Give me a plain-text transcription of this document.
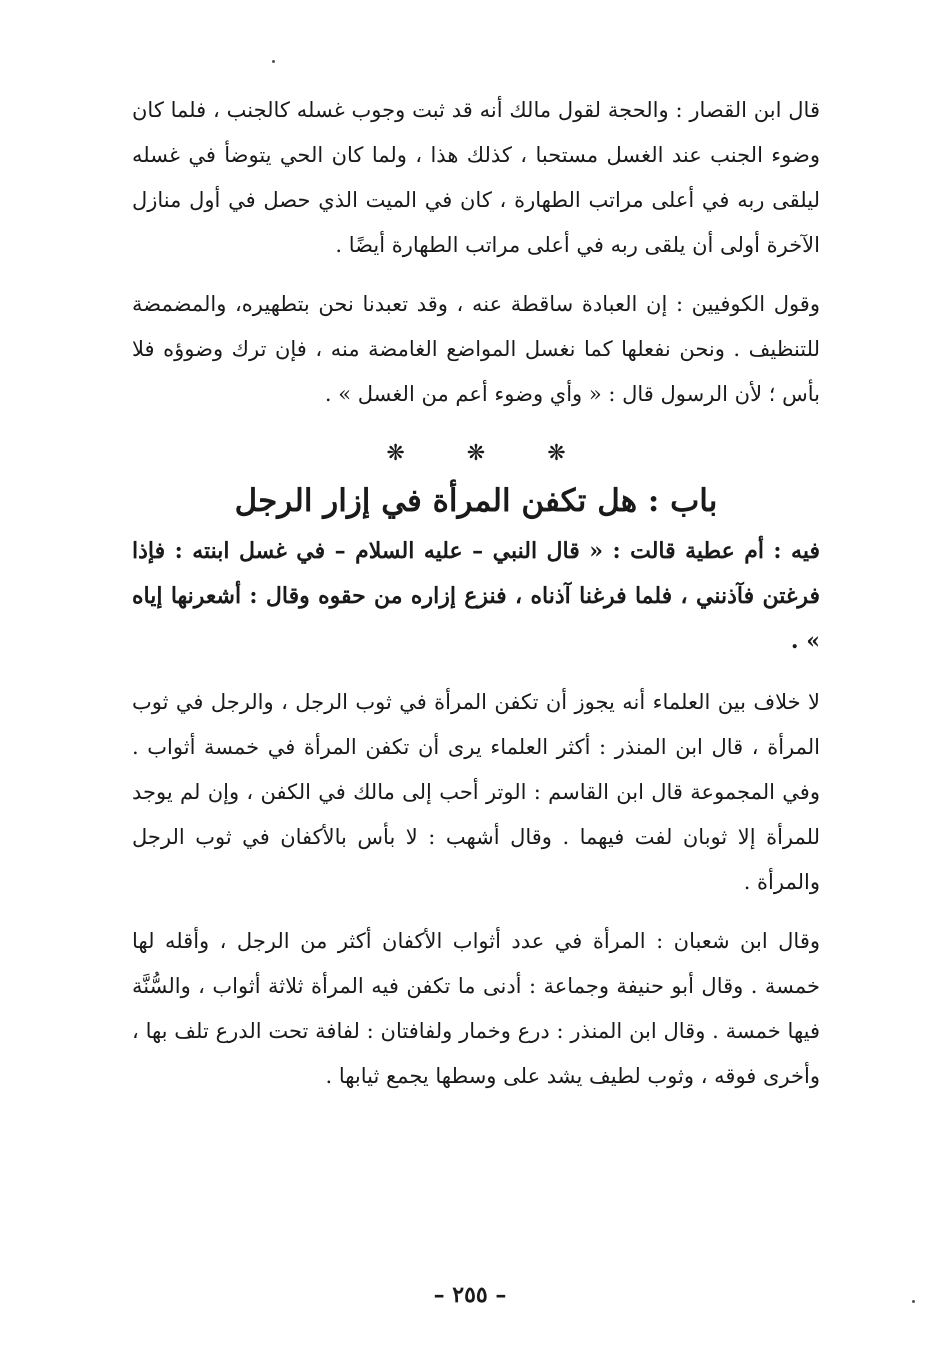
قال ابن القصار : والحجة لقول مالك أنه قد ثبت وجوب غسله كالجنب ، فلما كان وضوء الجنب عند الغسل مستحبا ، كذلك هذا ، ولما كان الحي يتوضأ في غسله ليلقى ربه في أعلى مراتب الطهارة ، كان في الميت الذي حصل في أول منازل الآخرة أولى أن يلقى ربه في أعلى مراتب الطهارة أيضًا .

وقول الكوفيين : إن العبادة ساقطة عنه ، وقد تعبدنا نحن بتطهيره، والمضمضة للتنظيف . ونحن نفعلها كما نغسل المواضع الغامضة منه ، فإن ترك وضوؤه فلا بأس ؛ لأن الرسول قال : « وأي وضوء أعم من الغسل » .

❋
❋
❋
باب : هل تكفن المرأة في إزار الرجل

فيه : أم عطية قالت : « قال النبي – عليه السلام – في غسل ابنته : فإذا فرغتن فآذنني ، فلما فرغنا آذناه ، فنزع إزاره من حقوه وقال : أشعرنها إياه » .

لا خلاف بين العلماء أنه يجوز أن تكفن المرأة في ثوب الرجل ، والرجل في ثوب المرأة ، قال ابن المنذر : أكثر العلماء يرى أن تكفن المرأة في خمسة أثواب . وفي المجموعة قال ابن القاسم : الوتر أحب إلى مالك في الكفن ، وإن لم يوجد للمرأة إلا ثوبان لفت فيهما . وقال أشهب : لا بأس بالأكفان في ثوب الرجل والمرأة .

وقال ابن شعبان : المرأة في عدد أثواب الأكفان أكثر من الرجل ، وأقله لها خمسة . وقال أبو حنيفة وجماعة : أدنى ما تكفن فيه المرأة ثلاثة أثواب ، والسُّنَّة فيها خمسة . وقال ابن المنذر : درع وخمار ولفافتان : لفافة تحت الدرع تلف بها ، وأخرى فوقه ، وثوب لطيف يشد على وسطها يجمع ثيابها .

– ٢٥٥ –
